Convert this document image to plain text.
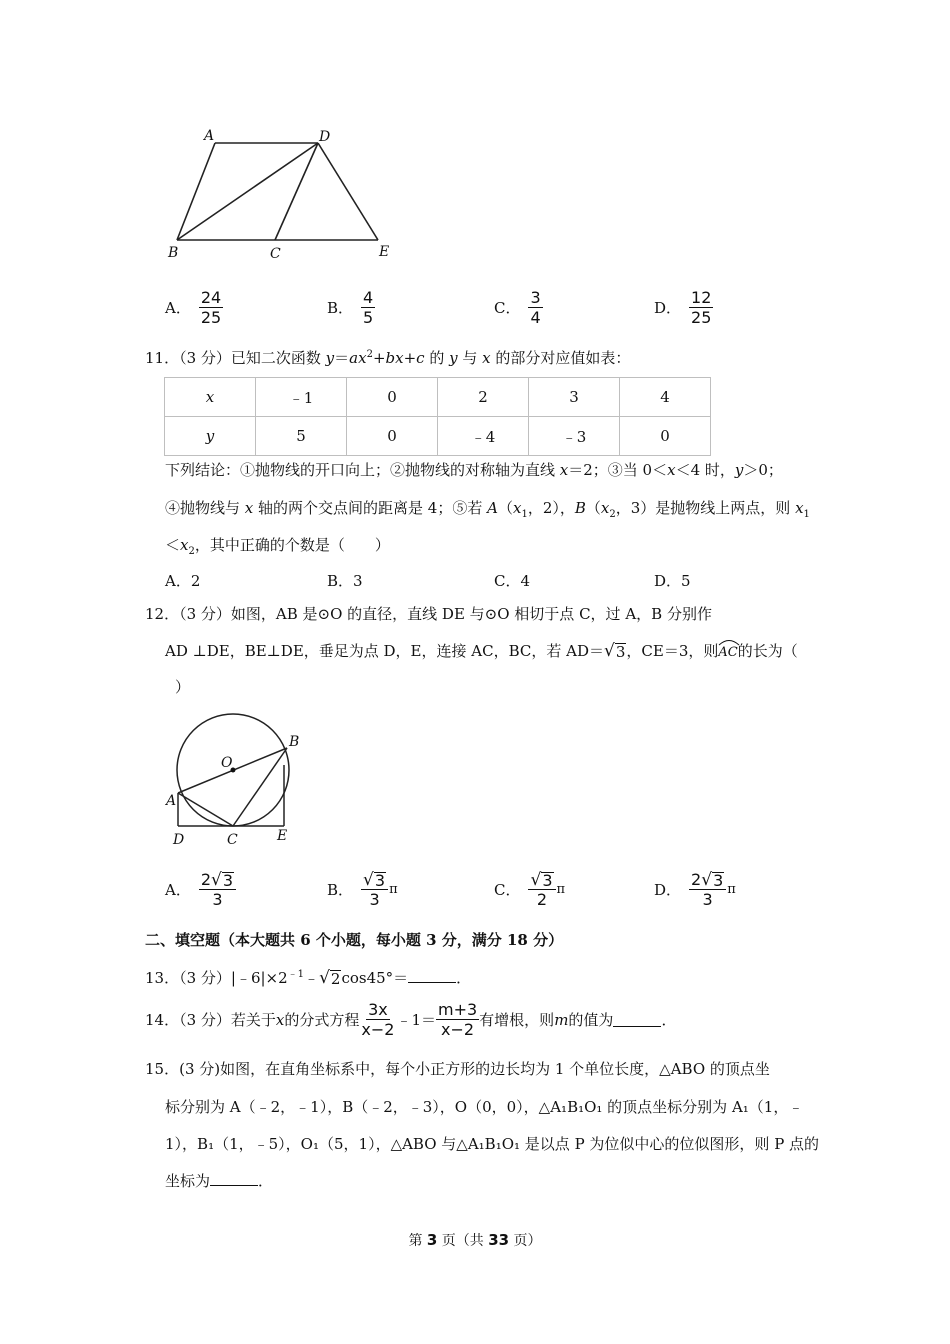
A	D
B	C	E
A． $\frac{24}{25}$	B． $\frac{4}{5}$	C． $\frac{3}{4}$	D． $\frac{12}{25}$
11．（3 分）已知二次函数 $y=ax^2+bx+c$ 的 y 与 x 的部分对应值如表：
x	﹣1	0	2	3	4
y	5	0	﹣4	﹣3	0
下列结论：①抛物线的开口向上；②抛物线的对称轴为直线 x＝2；③当 0＜x＜4 时，y＞0；
④抛物线与 x 轴的两个交点间的距离是 4；⑤若 $A(x_1$，2），$B(x_2$，3）是抛物线上两点，则 $x_1$
$<x_2$，其中正确的个数是（　　）
A．2	B．3	C．4	D．5
12．（3 分）如图，AB 是⊙O 的直径，直线 DE 与⊙O 相切于点 C，过 A，B 分别作
AD ⊥DE，BE⊥DE，垂足为点 D，E，连接 AC，BC，若 AD＝ √ 3 ，CE＝3，则
AC的长为（
）
O
B
A
D	C	E
A． $\frac{2 √ 3}{3}$	B． $\frac{√ 3}{3}$ π	C． $\frac{√ 3}{2}$ π	D． $\frac{2 √ 3}{3}$ π
二、填空题（本大题共 6 个小题，每小题 3 分，满分 18 分）
13．（3 分）$|﹣6|\times 2^{﹣1}﹣$ √ 2 cos45°＝	．
14．（3 分）若关于 x 的分式方程 $\frac{3x}{x-2}$ ﹣1＝ $\frac{m+3}{x-2}$ 有增根，则 m 的值为	．
15．(3 分)如图，在直角坐标系中，每个小正方形的边长均为 1 个单位长度，△ABO 的顶点坐
标分别为 A（﹣2，﹣1），B（﹣2，﹣3），O（0，0），△A₁B₁O₁ 的顶点坐标分别为 A₁（1，﹣
1），B₁（1，﹣5），O₁（5，1），△ABO 与△A₁B₁O₁ 是以点 P 为位似中心的位似图形，则 P 点的
坐标为	．
第 3 页（共 33 页）
